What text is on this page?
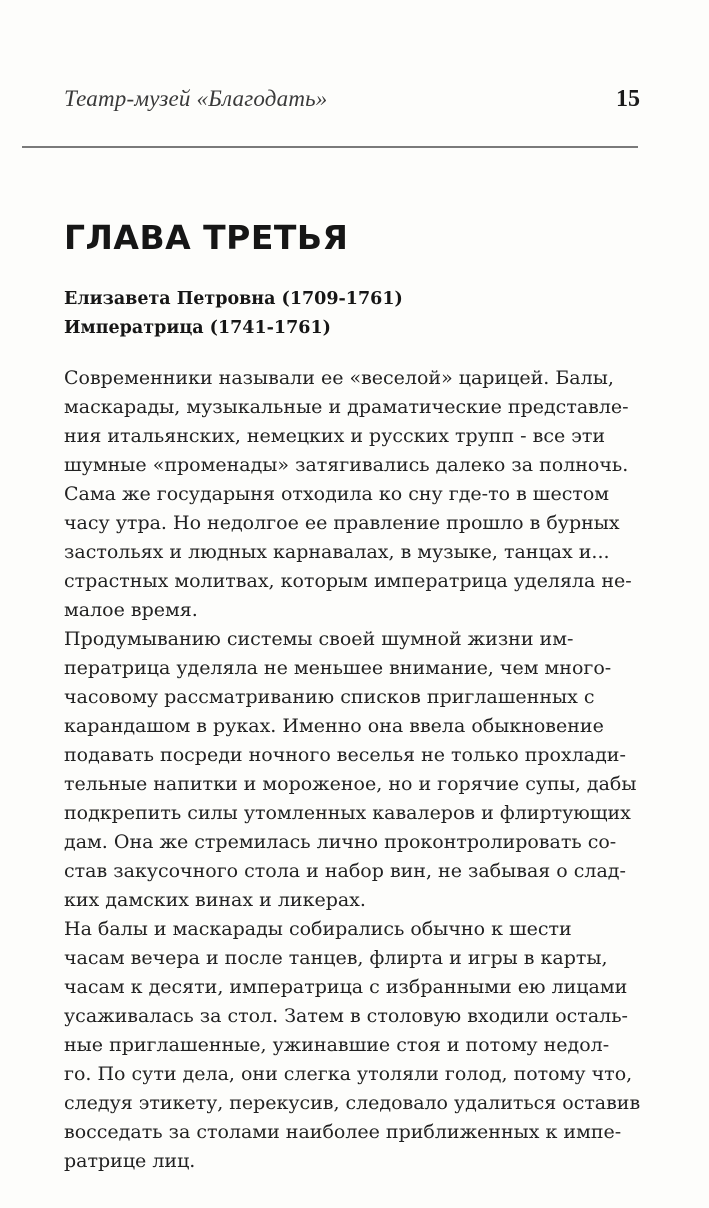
Театр-музей «Благодать»	15
ГЛАВА ТРЕТЬЯ
Елизавета Петровна (1709-1761)
Императрица (1741-1761)
Современники называли ее «веселой» царицей. Балы,
маскарады, музыкальные и драматические представле-
ния итальянских, немецких и русских трупп - все эти
шумные «променады» затягивались далеко за полночь.
Сама же государыня отходила ко сну где-то в шестом
часу утра. Но недолгое ее правление прошло в бурных
застольях и людных карнавалах, в музыке, танцах и...
страстных молитвах, которым императрица уделяла не-
малое время.
Продумыванию системы своей шумной жизни им-
ператрица уделяла не меньшее внимание, чем много-
часовому рассматриванию списков приглашенных с
карандашом в руках. Именно она ввела обыкновение
подавать посреди ночного веселья не только прохлади-
тельные напитки и мороженое, но и горячие супы, дабы
подкрепить силы утомленных кавалеров и флиртующих
дам. Она же стремилась лично проконтролировать со-
став закусочного стола и набор вин, не забывая о слад-
ких дамских винах и ликерах.
На балы и маскарады собирались обычно к шести
часам вечера и после танцев, флирта и игры в карты,
часам к десяти, императрица с избранными ею лицами
усаживалась за стол. Затем в столовую входили осталь-
ные приглашенные, ужинавшие стоя и потому недол-
го. По сути дела, они слегка утоляли голод, потому что,
следуя этикету, перекусив, следовало удалиться оставив
восседать за столами наиболее приближенных к импе-
ратрице лиц.
